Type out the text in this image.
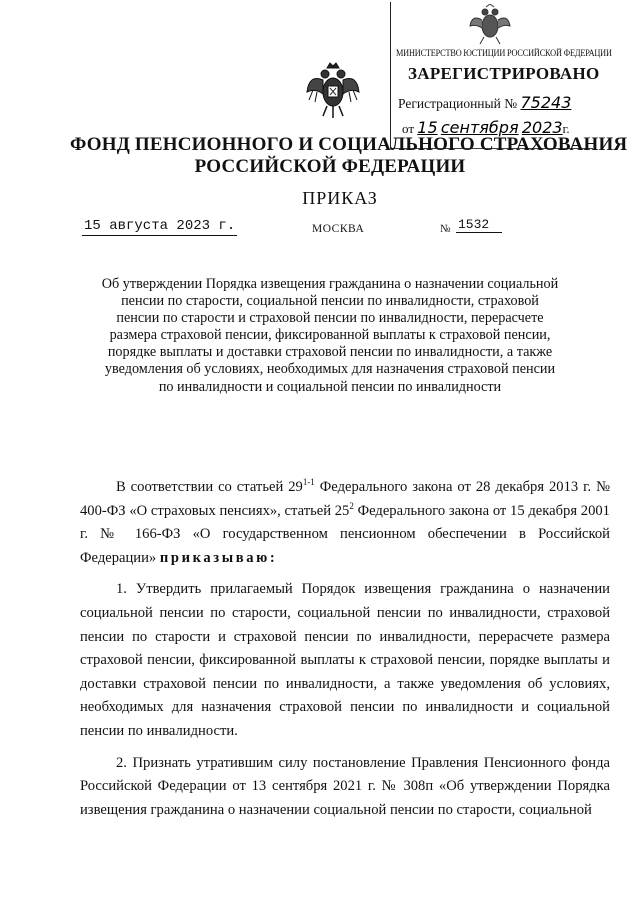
МИНИСТЕРСТВО ЮСТИЦИИ РОССИЙСКОЙ ФЕДЕРАЦИИ
ЗАРЕГИСТРИРОВАНО
Регистрационный № 75243
от 15 сентября 2023г.
ФОНД ПЕНСИОННОГО И СОЦИАЛЬНОГО СТРАХОВАНИЯ
РОССИЙСКОЙ ФЕДЕРАЦИИ
ПРИКАЗ
15 августа 2023 г.	МОСКВА	№ 1532
Об утверждении Порядка извещения гражданина о назначении социальной пенсии по старости, социальной пенсии по инвалидности, страховой пенсии по старости и страховой пенсии по инвалидности, перерасчете размера страховой пенсии, фиксированной выплаты к страховой пенсии, порядке выплаты и доставки страховой пенсии по инвалидности, а также уведомления об условиях, необходимых для назначения страховой пенсии по инвалидности и социальной пенсии по инвалидности

В соответствии со статьей 29$^{1-1}$ Федерального закона от 28 декабря 2013 г. № 400-ФЗ «О страховых пенсиях», статьей $25^2$ Федерального закона от 15 декабря 2001 г. № 166-ФЗ «О государственном пенсионном обеспечении в Российской Федерации» приказываю:

1. Утвердить прилагаемый Порядок извещения гражданина о назначении социальной пенсии по старости, социальной пенсии по инвалидности, страховой пенсии по старости и страховой пенсии по инвалидности, перерасчете размера страховой пенсии, фиксированной выплаты к страховой пенсии, порядке выплаты и доставки страховой пенсии по инвалидности, а также уведомления об условиях, необходимых для назначения страховой пенсии по инвалидности и социальной пенсии по инвалидности.

2. Признать утратившим силу постановление Правления Пенсионного фонда Российской Федерации от 13 сентября 2021 г. № 308п «Об утверждении Порядка извещения гражданина о назначении социальной пенсии по старости, социальной
